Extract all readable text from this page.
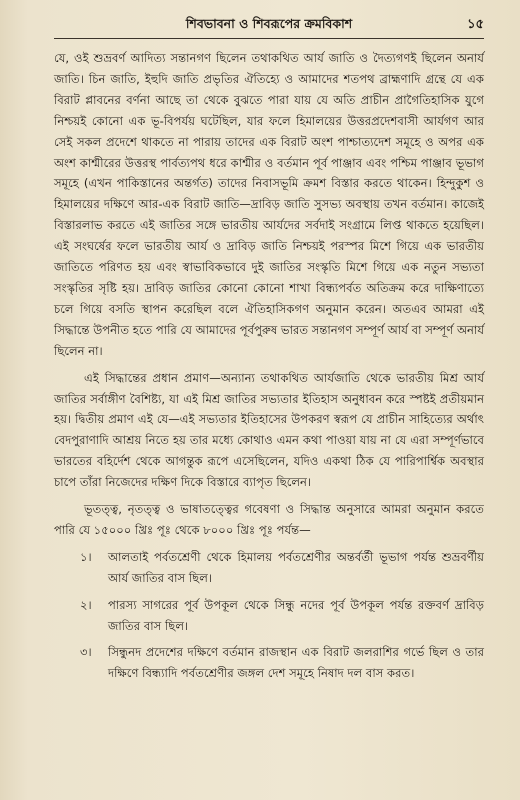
শিবভাবনা ও শিবরূপের ক্রমবিকাশ	১৫

যে, ওই শুভ্রবর্ণ আদিত্য সন্তানগণ ছিলেন তথাকথিত আর্য জাতি ও দৈত্যগণই ছিলেন অনার্য জাতি। চিন জাতি, ইহুদি জাতি প্রভৃতির ঐতিহ্যে ও আমাদের শতপথ ব্রাহ্মণাদি গ্রন্থে যে এক বিরাট প্লাবনের বর্ণনা আছে তা থেকে বুঝতে পারা যায় যে অতি প্রাচীন প্রাগৈতিহাসিক যুগে নিশ্চয়ই কোনো এক ভূ-বিপর্যয় ঘটেছিল, যার ফলে হিমালয়ের উত্তরপ্রদেশবাসী আর্যগণ আর সেই সকল প্রদেশে থাকতে না পারায় তাদের এক বিরাট অংশ পাশ্চাত্যদেশ সমূহে ও অপর এক অংশ কাশ্মীরের উত্তরস্থ পার্বত্যপথ ধরে কাশ্মীর ও বর্তমান পূর্ব পাঞ্জাব এবং পশ্চিম পাঞ্জাব ভূভাগ সমূহে (এখন পাকিস্তানের অন্তর্গত) তাদের নিবাসভূমি ক্রমশ বিস্তার করতে থাকেন। হিন্দুকুশ ও হিমালয়ের দক্ষিণে আর-এক বিরাট জাতি—দ্রাবিড় জাতি সুসভ্য অবস্থায় তখন বর্তমান। কাজেই বিস্তারলাভ করতে এই জাতির সঙ্গে ভারতীয় আর্যদের সর্বদাই সংগ্রামে লিপ্ত থাকতে হয়েছিল। এই সংঘর্ষের ফলে ভারতীয় আর্য ও দ্রাবিড় জাতি নিশ্চয়ই পরস্পর মিশে গিয়ে এক ভারতীয় জাতিতে পরিণত হয় এবং স্বাভাবিকভাবে দুই জাতির সংস্কৃতি মিশে গিয়ে এক নতুন সভ্যতা সংস্কৃতির সৃষ্টি হয়। দ্রাবিড় জাতির কোনো কোনো শাখা বিন্ধ্যপর্বত অতিক্রম করে দাক্ষিণাত্যে চলে গিয়ে বসতি স্থাপন করেছিল বলে ঐতিহাসিকগণ অনুমান করেন। অতএব আমরা এই সিদ্ধান্তে উপনীত হতে পারি যে আমাদের পূর্বপুরুষ ভারত সন্তানগণ সম্পূর্ণ আর্য বা সম্পূর্ণ অনার্য ছিলেন না।

এই সিদ্ধান্তের প্রধান প্রমাণ—অন্যান্য তথাকথিত আর্যজাতি থেকে ভারতীয় মিশ্র আর্য জাতির সর্বাঙ্গীণ বৈশিষ্ট্য, যা এই মিশ্র জাতির সভ্যতার ইতিহাস অনুধাবন করে স্পষ্টই প্রতীয়মান হয়। দ্বিতীয় প্রমাণ এই যে—এই সভ্যতার ইতিহাসের উপকরণ স্বরূপ যে প্রাচীন সাহিত্যের অর্থাৎ বেদপুরাণাদি আশ্রয় নিতে হয় তার মধ্যে কোথাও এমন কথা পাওয়া যায় না যে এরা সম্পূর্ণভাবে ভারতের বহির্দেশ থেকে আগন্তুক রূপে এসেছিলেন, যদিও একথা ঠিক যে পারিপার্শ্বিক অবস্থার চাপে তাঁরা নিজেদের দক্ষিণ দিকে বিস্তারে ব্যাপৃত ছিলেন।

ভূতত্ত্ব, নৃতত্ত্ব ও ভাষাতত্ত্বের গবেষণা ও সিদ্ধান্ত অনুসারে আমরা অনুমান করতে পারি যে ১৫০০০ খ্রিঃ পূঃ থেকে ৮০০০ খ্রিঃ পূঃ পর্যন্ত—

১। আলতাই পর্বতশ্রেণী থেকে হিমালয় পর্বতশ্রেণীর অন্তর্বর্তী ভূভাগ পর্যন্ত শুভ্রবর্ণীয় আর্য জাতির বাস ছিল।
২। পারস্য সাগরের পূর্ব উপকূল থেকে সিন্ধু নদের পূর্ব উপকূল পর্যন্ত রক্তবর্ণ দ্রাবিড় জাতির বাস ছিল।
৩। সিন্ধুনদ প্রদেশের দক্ষিণে বর্তমান রাজস্থান এক বিরাট জলরাশির গর্ভে ছিল ও তার দক্ষিণে বিন্ধ্যাদি পর্বতশ্রেণীর জঙ্গল দেশ সমূহে নিষাদ দল বাস করত।
